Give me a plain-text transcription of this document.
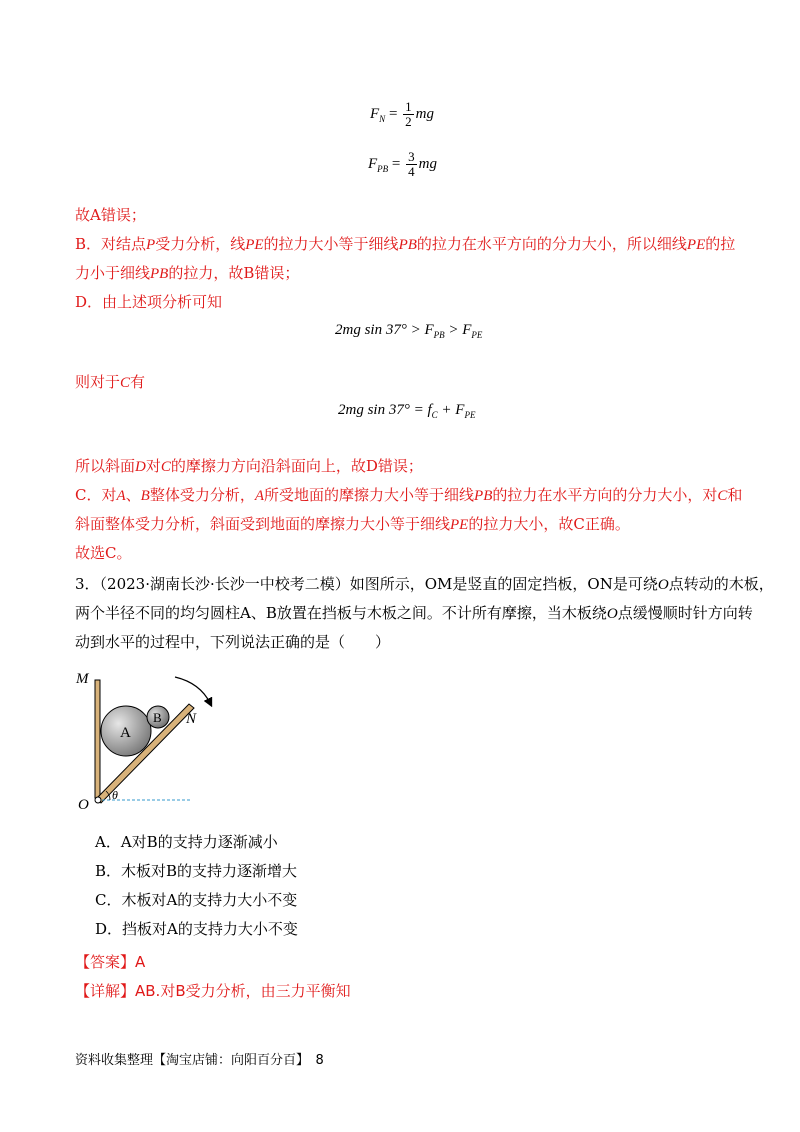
$F_N = \frac{1}{2}$ mg
$F_{PB} = \frac{3}{4}$ mg
故A错误；
B．对结点P受力分析，线PE的拉力大小等于细线PB的拉力在水平方向的分力大小，所以细线PE的拉
力小于细线PB的拉力，故B错误；
D．由上述项分析可知
2mg $\sin 37^\circ > F_{PB} > F_{PE}$
则对于C有
2mg $\sin 37^\circ = f_C + F_{PE}$
所以斜面D对C的摩擦力方向沿斜面向上，故D错误；
C．对A、B整体受力分析，A所受地面的摩擦力大小等于细线PB的拉力在水平方向的分力大小，对C和
斜面整体受力分析，斜面受到地面的摩擦力大小等于细线PE的拉力大小，故C正确。
故选C。
3．（2023·湖南长沙·长沙一中校考二模）如图所示，OM是竖直的固定挡板，ON是可绕O点转动的木板，
两个半径不同的均匀圆柱A、B放置在挡板与木板之间。不计所有摩擦，当木板绕O点缓慢顺时针方向转
动到水平的过程中，下列说法正确的是（　　）
M
N
O
A
B
θ
A．A对B的支持力逐渐减小
B．木板对B的支持力逐渐增大
C．木板对A的支持力大小不变
D．挡板对A的支持力大小不变
【答案】A
【详解】AB.对B受力分析，由三力平衡知
资料收集整理【淘宝店铺：向阳百分百】　8
